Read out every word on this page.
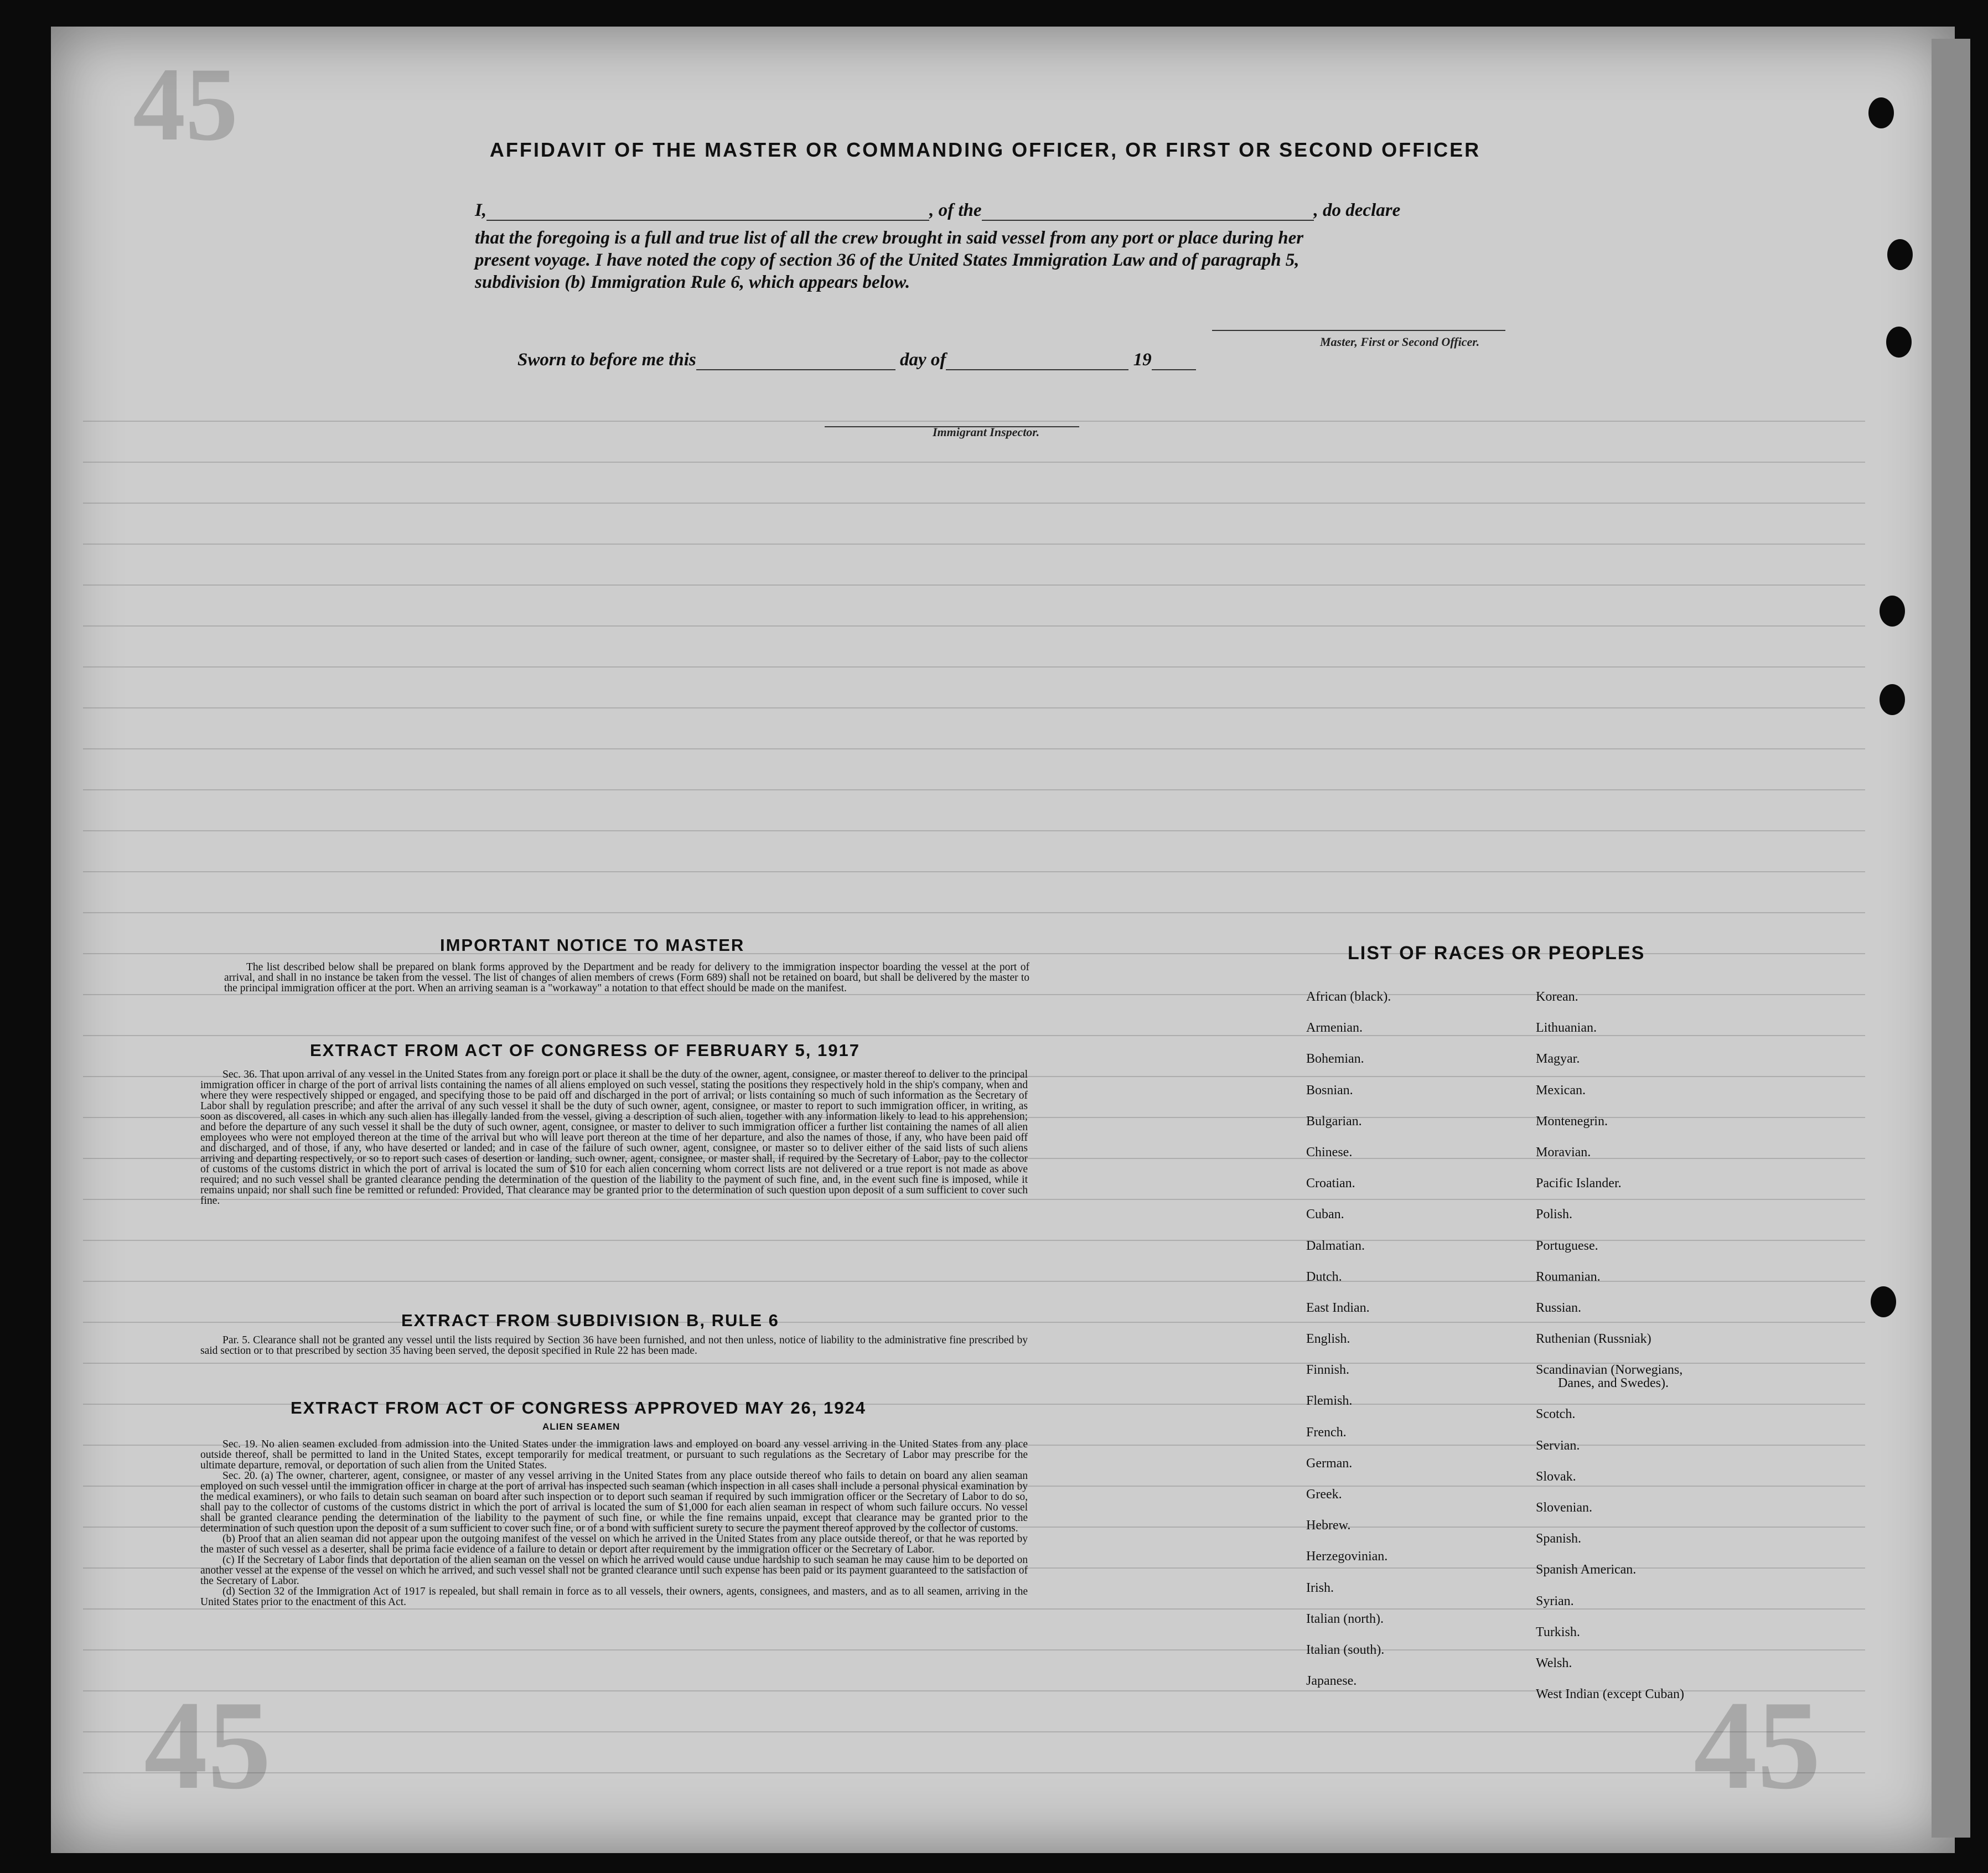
45
45	45
AFFIDAVIT OF THE MASTER OR COMMANDING OFFICER, OR FIRST OR SECOND OFFICER
I,	, of the	, do declare
that the foregoing is a full and true list of all the crew brought in said vessel from any port or place during her
present voyage. I have noted the copy of section 36 of the United States Immigration Law and of paragraph 5,
subdivision (b) Immigration Rule 6, which appears below.
Master, First or Second Officer.
Sworn to before me this	day of	19
Immigrant Inspector.
IMPORTANT NOTICE TO MASTER
The list described below shall be prepared on blank forms approved by the Department and be ready for delivery to the immigration inspector boarding the vessel at the port of arrival, and shall in no instance be taken from the vessel. The list of changes of alien members of crews (Form 689) shall not be retained on board, but shall be delivered by the master to the principal immigration officer at the port. When an arriving seaman is a "workaway" a notation to that effect should be made on the manifest.
EXTRACT FROM ACT OF CONGRESS OF FEBRUARY 5, 1917
Sec. 36. That upon arrival of any vessel in the United States from any foreign port or place it shall be the duty of the owner, agent, consignee, or master thereof to deliver to the principal immigration officer in charge of the port of arrival lists containing the names of all aliens employed on such vessel, stating the positions they respectively hold in the ship's company, when and where they were respectively shipped or engaged, and specifying those to be paid off and discharged in the port of arrival; or lists containing so much of such information as the Secretary of Labor shall by regulation prescribe; and after the arrival of any such vessel it shall be the duty of such owner, agent, consignee, or master to report to such immigration officer, in writing, as soon as discovered, all cases in which any such alien has illegally landed from the vessel, giving a description of such alien, together with any information likely to lead to his apprehension; and before the departure of any such vessel it shall be the duty of such owner, agent, consignee, or master to deliver to such immigration officer a further list containing the names of all alien employees who were not employed thereon at the time of the arrival but who will leave port thereon at the time of her departure, and also the names of those, if any, who have been paid off and discharged, and of those, if any, who have deserted or landed; and in case of the failure of such owner, agent, consignee, or master so to deliver either of the said lists of such aliens arriving and departing respectively, or so to report such cases of desertion or landing, such owner, agent, consignee, or master shall, if required by the Secretary of Labor, pay to the collector of customs of the customs district in which the port of arrival is located the sum of $10 for each alien concerning whom correct lists are not delivered or a true report is not made as above required; and no such vessel shall be granted clearance pending the determination of the question of the liability to the payment of such fine, and, in the event such fine is imposed, while it remains unpaid; nor shall such fine be remitted or refunded: Provided, That clearance may be granted prior to the determination of such question upon deposit of a sum sufficient to cover such fine.
EXTRACT FROM SUBDIVISION B, RULE 6
Par. 5. Clearance shall not be granted any vessel until the lists required by Section 36 have been furnished, and not then unless, notice of liability to the administrative fine prescribed by said section or to that prescribed by section 35 having been served, the deposit specified in Rule 22 has been made.
EXTRACT FROM ACT OF CONGRESS APPROVED MAY 26, 1924
ALIEN SEAMEN

Sec. 19. No alien seamen excluded from admission into the United States under the immigration laws and employed on board any vessel arriving in the United States from any place outside thereof, shall be permitted to land in the United States, except temporarily for medical treatment, or pursuant to such regulations as the Secretary of Labor may prescribe for the ultimate departure, removal, or deportation of such alien from the United States.

Sec. 20. (a) The owner, charterer, agent, consignee, or master of any vessel arriving in the United States from any place outside thereof who fails to detain on board any alien seaman employed on such vessel until the immigration officer in charge at the port of arrival has inspected such seaman (which inspection in all cases shall include a personal physical examination by the medical examiners), or who fails to detain such seaman on board after such inspection or to deport such seaman if required by such immigration officer or the Secretary of Labor to do so, shall pay to the collector of customs of the customs district in which the port of arrival is located the sum of $1,000 for each alien seaman in respect of whom such failure occurs. No vessel shall be granted clearance pending the determination of the liability to the payment of such fine, or while the fine remains unpaid, except that clearance may be granted prior to the determination of such question upon the deposit of a sum sufficient to cover such fine, or of a bond with sufficient surety to secure the payment thereof approved by the collector of customs.

(b) Proof that an alien seaman did not appear upon the outgoing manifest of the vessel on which he arrived in the United States from any place outside thereof, or that he was reported by the master of such vessel as a deserter, shall be prima facie evidence of a failure to detain or deport after requirement by the immigration officer or the Secretary of Labor.

(c) If the Secretary of Labor finds that deportation of the alien seaman on the vessel on which he arrived would cause undue hardship to such seaman he may cause him to be deported on another vessel at the expense of the vessel on which he arrived, and such vessel shall not be granted clearance until such expense has been paid or its payment guaranteed to the satisfaction of the Secretary of Labor.

(d) Section 32 of the Immigration Act of 1917 is repealed, but shall remain in force as to all vessels, their owners, agents, consignees, and masters, and as to all seamen, arriving in the United States prior to the enactment of this Act.

LIST OF RACES OR PEOPLES
African (black).
Armenian.
Bohemian.
Bosnian.
Bulgarian.
Chinese.
Croatian.
Cuban.
Dalmatian.
Dutch.
East Indian.
English.
Finnish.
Flemish.
French.
German.
Greek.
Hebrew.
Herzegovinian.
Irish.
Italian (north).
Italian (south).
Japanese.
Korean.
Lithuanian.
Magyar.
Mexican.
Montenegrin.
Moravian.
Pacific Islander.
Polish.
Portuguese.
Roumanian.
Russian.
Ruthenian (Russniak)
Scandinavian (Norwegians,
Danes, and Swedes).
Scotch.
Servian.
Slovak.
Slovenian.
Spanish.
Spanish American.
Syrian.
Turkish.
Welsh.
West Indian (except Cuban)
